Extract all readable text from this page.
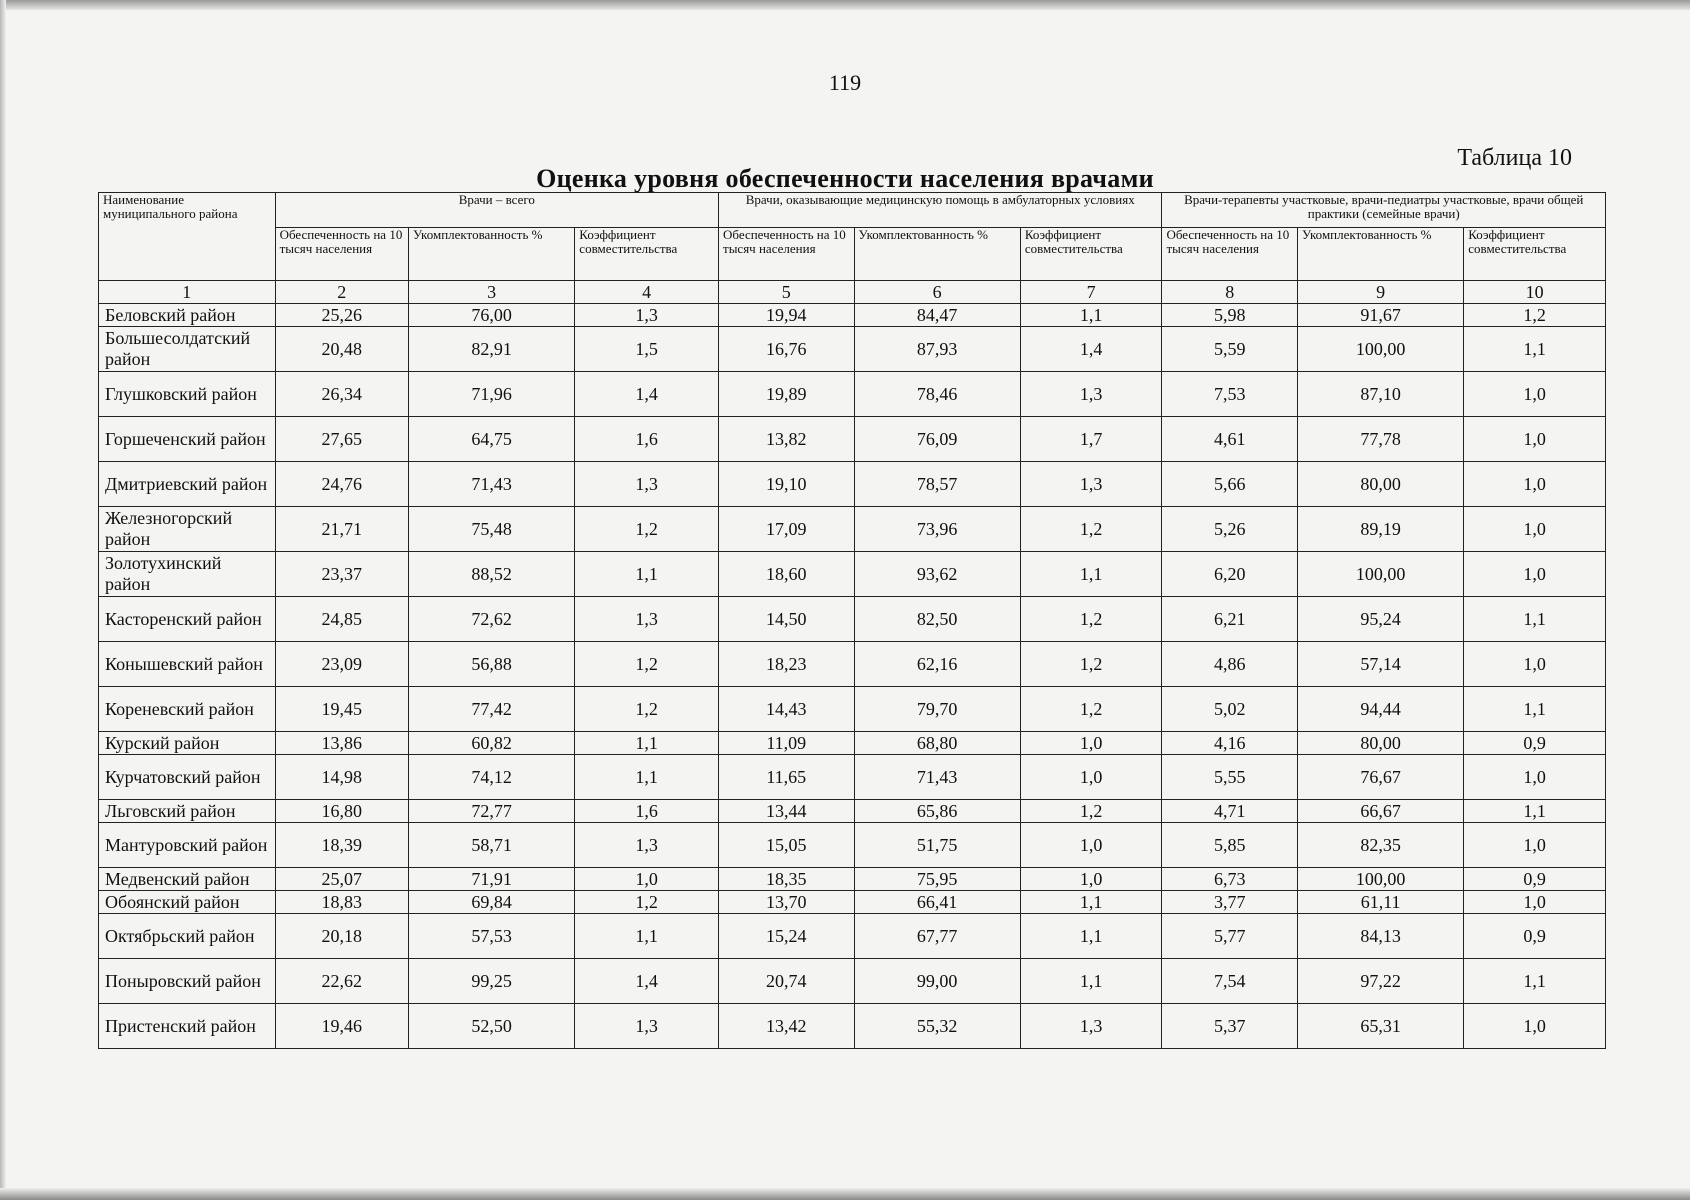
119
Таблица 10
Оценка уровня обеспеченности населения врачами
Наименование муниципального района	Врачи – всего			Врачи, оказывающие медицинскую помощь в амбулаторных условиях			Врачи-терапевты участковые, врачи-педиатры участковые, врачи общей практики (семейные врачи)		
	Обеспеченность на 10 тысяч населения	Укомплектованность %	Коэффициент совместительства	Обеспеченность на 10 тысяч населения	Укомплектованность %	Коэффициент совместительства	Обеспеченность на 10 тысяч населения	Укомплектованность %	Коэффициент совместительства
1	2	3	4	5	6	7	8	9	10
Беловский район	25,26	76,00	1,3	19,94	84,47	1,1	5,98	91,67	1,2
Большесолдатский район	20,48	82,91	1,5	16,76	87,93	1,4	5,59	100,00	1,1
Глушковский район	26,34	71,96	1,4	19,89	78,46	1,3	7,53	87,10	1,0
Горшеченский район	27,65	64,75	1,6	13,82	76,09	1,7	4,61	77,78	1,0
Дмитриевский район	24,76	71,43	1,3	19,10	78,57	1,3	5,66	80,00	1,0
Железногорский район	21,71	75,48	1,2	17,09	73,96	1,2	5,26	89,19	1,0
Золотухинский район	23,37	88,52	1,1	18,60	93,62	1,1	6,20	100,00	1,0
Касторенский район	24,85	72,62	1,3	14,50	82,50	1,2	6,21	95,24	1,1
Конышевский район	23,09	56,88	1,2	18,23	62,16	1,2	4,86	57,14	1,0
Кореневский район	19,45	77,42	1,2	14,43	79,70	1,2	5,02	94,44	1,1
Курский район	13,86	60,82	1,1	11,09	68,80	1,0	4,16	80,00	0,9
Курчатовский район	14,98	74,12	1,1	11,65	71,43	1,0	5,55	76,67	1,0
Льговский район	16,80	72,77	1,6	13,44	65,86	1,2	4,71	66,67	1,1
Мантуровский район	18,39	58,71	1,3	15,05	51,75	1,0	5,85	82,35	1,0
Медвенский район	25,07	71,91	1,0	18,35	75,95	1,0	6,73	100,00	0,9
Обоянский район	18,83	69,84	1,2	13,70	66,41	1,1	3,77	61,11	1,0
Октябрьский район	20,18	57,53	1,1	15,24	67,77	1,1	5,77	84,13	0,9
Поныровский район	22,62	99,25	1,4	20,74	99,00	1,1	7,54	97,22	1,1
Пристенский район	19,46	52,50	1,3	13,42	55,32	1,3	5,37	65,31	1,0
